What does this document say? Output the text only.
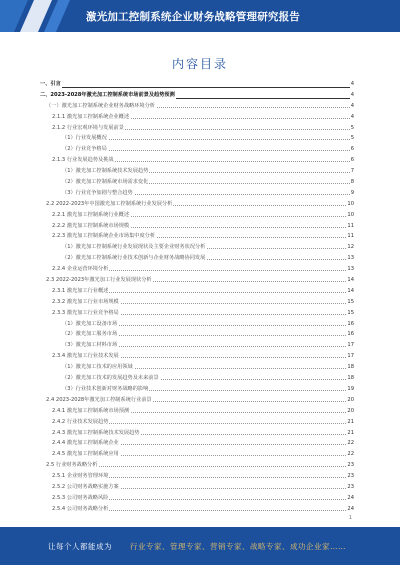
激光加工控制系统企业财务战略管理研究报告
内容目录
一、引言	4
二、2023-2028年激光加工控制系统市场前景及趋势预测	4
（一）激光加工控制系统企业财务战略环境分析	4
2.1.1 激光加工控制系统企业概述	4
2.1.2 行业宏观环境与发展前景	5
（1）行业发展概况	5
（2）行业竞争格局	6
2.1.3 行业发展趋势及挑战	6
（1）激光加工控制系统技术发展趋势	7
（2）激光加工控制系统市场需求变化	8
（3）行业竞争加剧与整合趋势	9
2.2 2022-2023年中国激光加工控制系统行业发展分析	10
2.2.1 激光加工控制系统行业概述	10
2.2.2 激光加工控制系统市场规模	11
2.2.3 激光加工控制系统企业市场集中度分析	11
（1）激光加工控制系统行业发展现状及主要企业财务状况分析	12
（2）激光加工控制系统行业技术创新与企业财务战略协同发展	13
2.2.4 企业运营环境分析	13
2.3 2022-2023年激光加工行业发展现状分析	14
2.3.1 激光加工行业概述	14
2.3.2 激光加工行业市场规模	15
2.3.3 激光加工行业竞争格局	15
（1）激光加工设备市场	16
（2）激光加工服务市场	16
（3）激光加工材料市场	17
2.3.4 激光加工行业技术发展	17
（1）激光加工技术的应用领域	18
（2）激光加工技术的发展趋势及未来前景	18
（3）行业技术创新对财务战略的影响	19
2.4 2023-2028年激光加工控制系统行业前景	20
2.4.1 激光加工控制系统市场预测	20
2.4.2 行业技术发展趋势	21
2.4.3 激光加工控制系统技术发展趋势	21
2.4.4 激光加工控制系统企业	22
2.4.5 激光加工控制系统应用	22
2.5 行业财务战略分析	23
2.5.1 企业财务管理环境	23
2.5.2 公司财务战略实施方案	23
2.5.3 公司财务战略风险	24
2.5.4 公司财务战略分析	24
1
让每个人都能成为 行业专家、管理专家、营销专家、战略专家、成功企业家……
